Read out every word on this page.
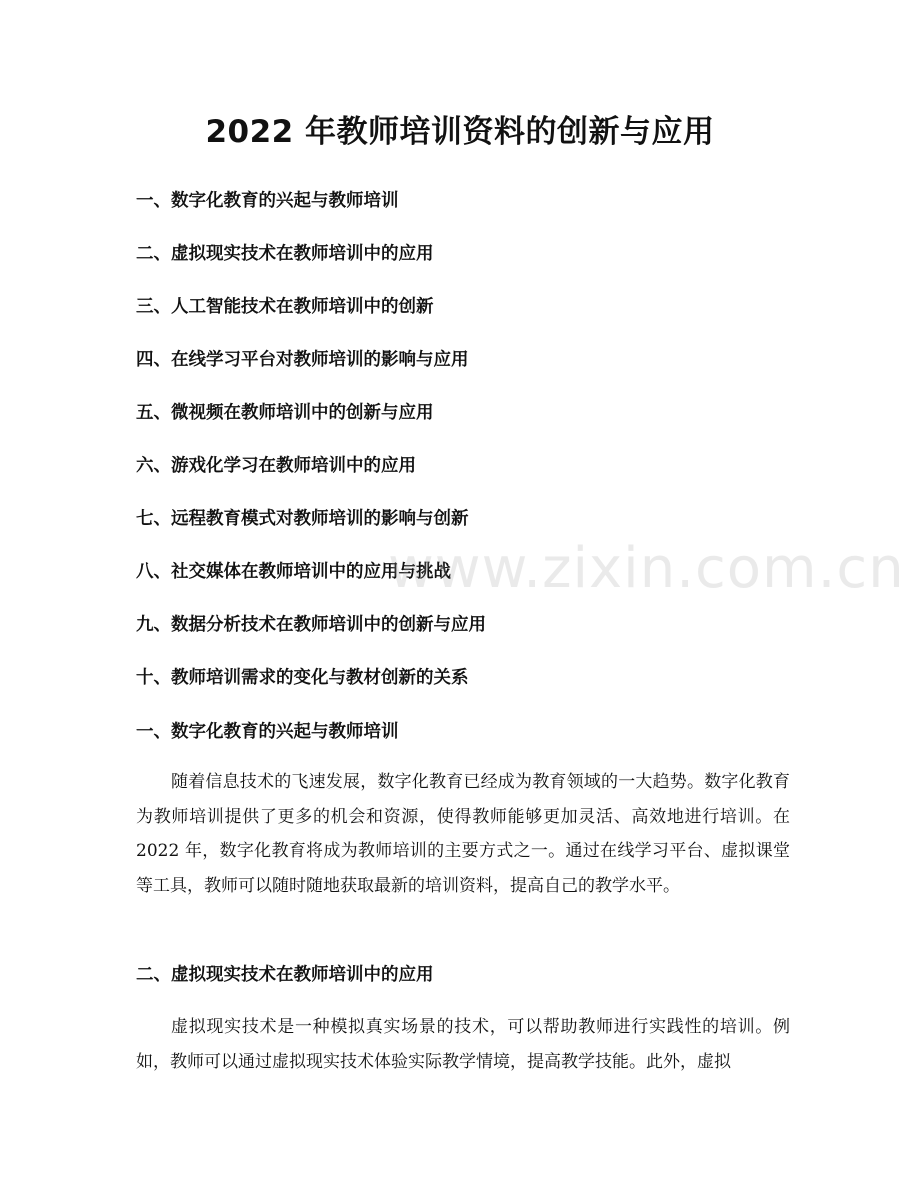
2022 年教师培训资料的创新与应用
一、数字化教育的兴起与教师培训
二、虚拟现实技术在教师培训中的应用
三、人工智能技术在教师培训中的创新
四、在线学习平台对教师培训的影响与应用
五、微视频在教师培训中的创新与应用
六、游戏化学习在教师培训中的应用
七、远程教育模式对教师培训的影响与创新
八、社交媒体在教师培训中的应用与挑战
九、数据分析技术在教师培训中的创新与应用
十、教师培训需求的变化与教材创新的关系
一、数字化教育的兴起与教师培训

随着信息技术的飞速发展，数字化教育已经成为教育领域的一大趋势。数字化教育为教师培训提供了更多的机会和资源，使得教师能够更加灵活、高效地进行培训。在 2022 年，数字化教育将成为教师培训的主要方式之一。通过在线学习平台、虚拟课堂等工具，教师可以随时随地获取最新的培训资料，提高自己的教学水平。

二、虚拟现实技术在教师培训中的应用

虚拟现实技术是一种模拟真实场景的技术，可以帮助教师进行实践性的培训。例如，教师可以通过虚拟现实技术体验实际教学情境，提高教学技能。此外，虚拟

www.zixin.com.cn
